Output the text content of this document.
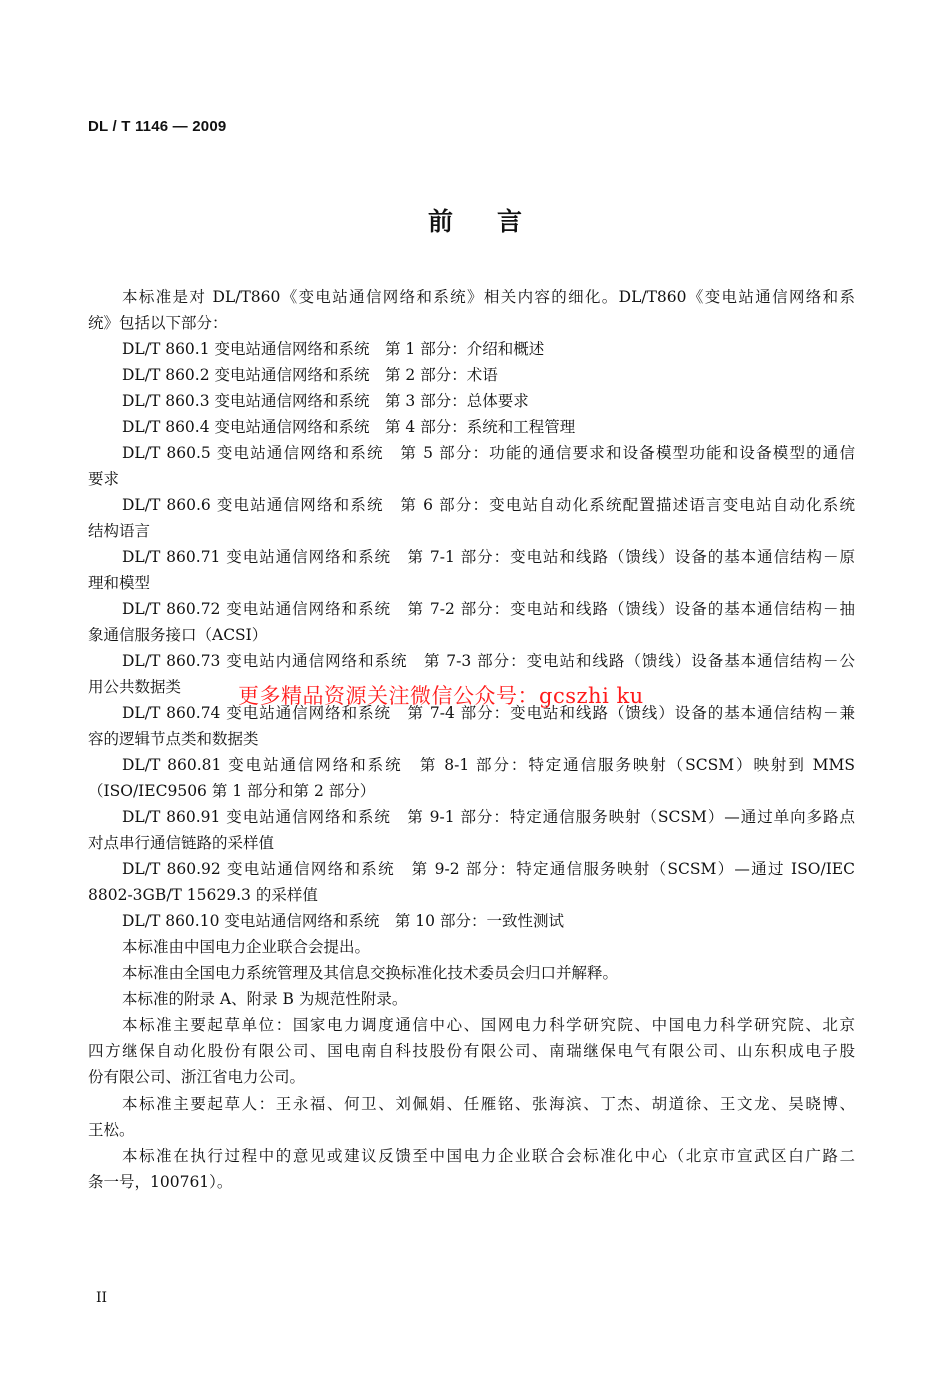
DL / T 1146 — 2009
前言
本标准是对 DL/T860《变电站通信网络和系统》相关内容的细化。DL/T860《变电站通信网络和系
统》包括以下部分：
DL/T 860.1 变电站通信网络和系统　第 1 部分：介绍和概述
DL/T 860.2 变电站通信网络和系统　第 2 部分：术语
DL/T 860.3 变电站通信网络和系统　第 3 部分：总体要求
DL/T 860.4 变电站通信网络和系统　第 4 部分：系统和工程管理
DL/T 860.5 变电站通信网络和系统　第 5 部分：功能的通信要求和设备模型功能和设备模型的通信
要求
DL/T 860.6 变电站通信网络和系统　第 6 部分：变电站自动化系统配置描述语言变电站自动化系统
结构语言
DL/T 860.71 变电站通信网络和系统　第 7-1 部分：变电站和线路（馈线）设备的基本通信结构－原
理和模型
DL/T 860.72 变电站通信网络和系统　第 7-2 部分：变电站和线路（馈线）设备的基本通信结构－抽
象通信服务接口（ACSI）
DL/T 860.73 变电站内通信网络和系统　第 7-3 部分：变电站和线路（馈线）设备基本通信结构－公
用公共数据类
DL/T 860.74 变电站通信网络和系统　第 7-4 部分：变电站和线路（馈线）设备的基本通信结构－兼
容的逻辑节点类和数据类
DL/T 860.81 变电站通信网络和系统　第 8-1 部分：特定通信服务映射（SCSM）映射到 MMS
（ISO/IEC9506 第 1 部分和第 2 部分）
DL/T 860.91 变电站通信网络和系统　第 9-1 部分：特定通信服务映射（SCSM）—通过单向多路点
对点串行通信链路的采样值
DL/T 860.92 变电站通信网络和系统　第 9-2 部分：特定通信服务映射（SCSM）—通过 ISO/IEC
8802-3GB/T 15629.3 的采样值
DL/T 860.10 变电站通信网络和系统　第 10 部分：一致性测试
本标准由中国电力企业联合会提出。
本标准由全国电力系统管理及其信息交换标准化技术委员会归口并解释。
本标准的附录 A、附录 B 为规范性附录。
本标准主要起草单位：国家电力调度通信中心、国网电力科学研究院、中国电力科学研究院、北京
四方继保自动化股份有限公司、国电南自科技股份有限公司、南瑞继保电气有限公司、山东积成电子股
份有限公司、浙江省电力公司。
本标准主要起草人：王永福、何卫、刘佩娟、任雁铭、张海滨、丁杰、胡道徐、王文龙、吴晓博、
王松。
本标准在执行过程中的意见或建议反馈至中国电力企业联合会标准化中心（北京市宣武区白广路二
条一号，100761）。
更多精品资源关注微信公众号：gcszhi ku
II
